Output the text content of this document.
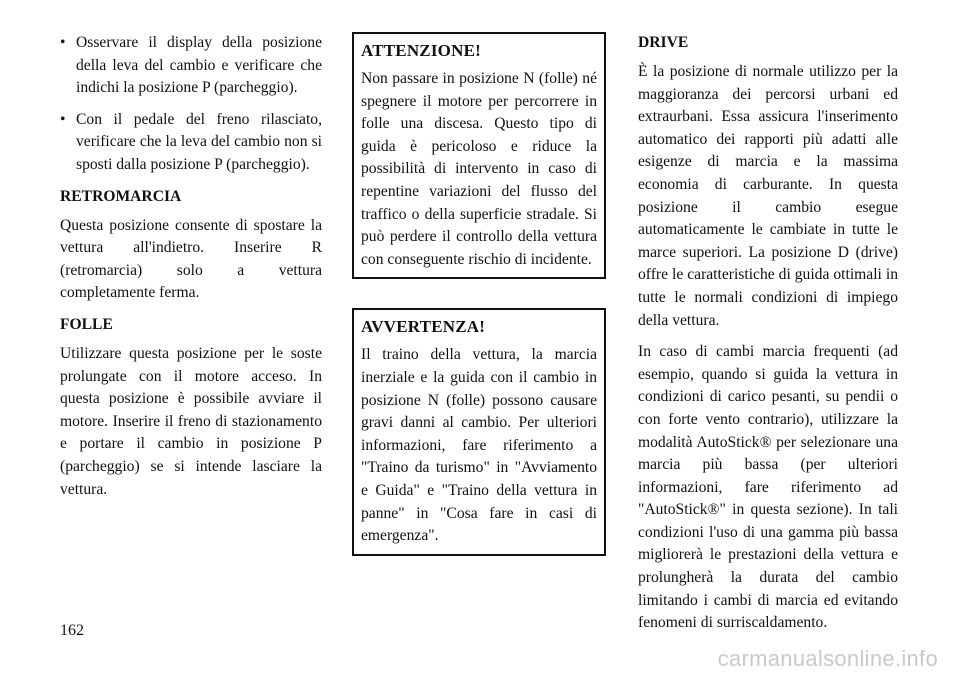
• Osservare il display della posizione della leva del cambio e verificare che indichi la posizione P (parcheggio).
• Con il pedale del freno rilasciato, verificare che la leva del cambio non si sposti dalla posizione P (parcheggio).
RETROMARCIA

Questa posizione consente di spostare la vettura all'indietro. Inserire R (retromarcia) solo a vettura completamente ferma.

FOLLE

Utilizzare questa posizione per le soste prolungate con il motore acceso. In questa posizione è possibile avviare il motore. Inserire il freno di stazionamento e portare il cambio in posizione P (parcheggio) se si intende lasciare la vettura.

ATTENZIONE!

Non passare in posizione N (folle) né spegnere il motore per percorrere in folle una discesa. Questo tipo di guida è pericoloso e riduce la possibilità di intervento in caso di repentine variazioni del flusso del traffico o della superficie stradale. Si può perdere il controllo della vettura con conseguente rischio di incidente.

AVVERTENZA!

Il traino della vettura, la marcia inerziale e la guida con il cambio in posizione N (folle) possono causare gravi danni al cambio. Per ulteriori informazioni, fare riferimento a "Traino da turismo" in "Avviamento e Guida" e "Traino della vettura in panne" in "Cosa fare in casi di emergenza".

DRIVE

È la posizione di normale utilizzo per la maggioranza dei percorsi urbani ed extraurbani. Essa assicura l'inserimento automatico dei rapporti più adatti alle esigenze di marcia e la massima economia di carburante. In questa posizione il cambio esegue automaticamente le cambiate in tutte le marce superiori. La posizione D (drive) offre le caratteristiche di guida ottimali in tutte le normali condizioni di impiego della vettura.

In caso di cambi marcia frequenti (ad esempio, quando si guida la vettura in condizioni di carico pesanti, su pendii o con forte vento contrario), utilizzare la modalità AutoStick® per selezionare una marcia più bassa (per ulteriori informazioni, fare riferimento ad "AutoStick®" in questa sezione). In tali condizioni l'uso di una gamma più bassa migliorerà le prestazioni della vettura e prolungherà la durata del cambio limitando i cambi di marcia ed evitando fenomeni di surriscaldamento.

162
carmanualsonline.info
